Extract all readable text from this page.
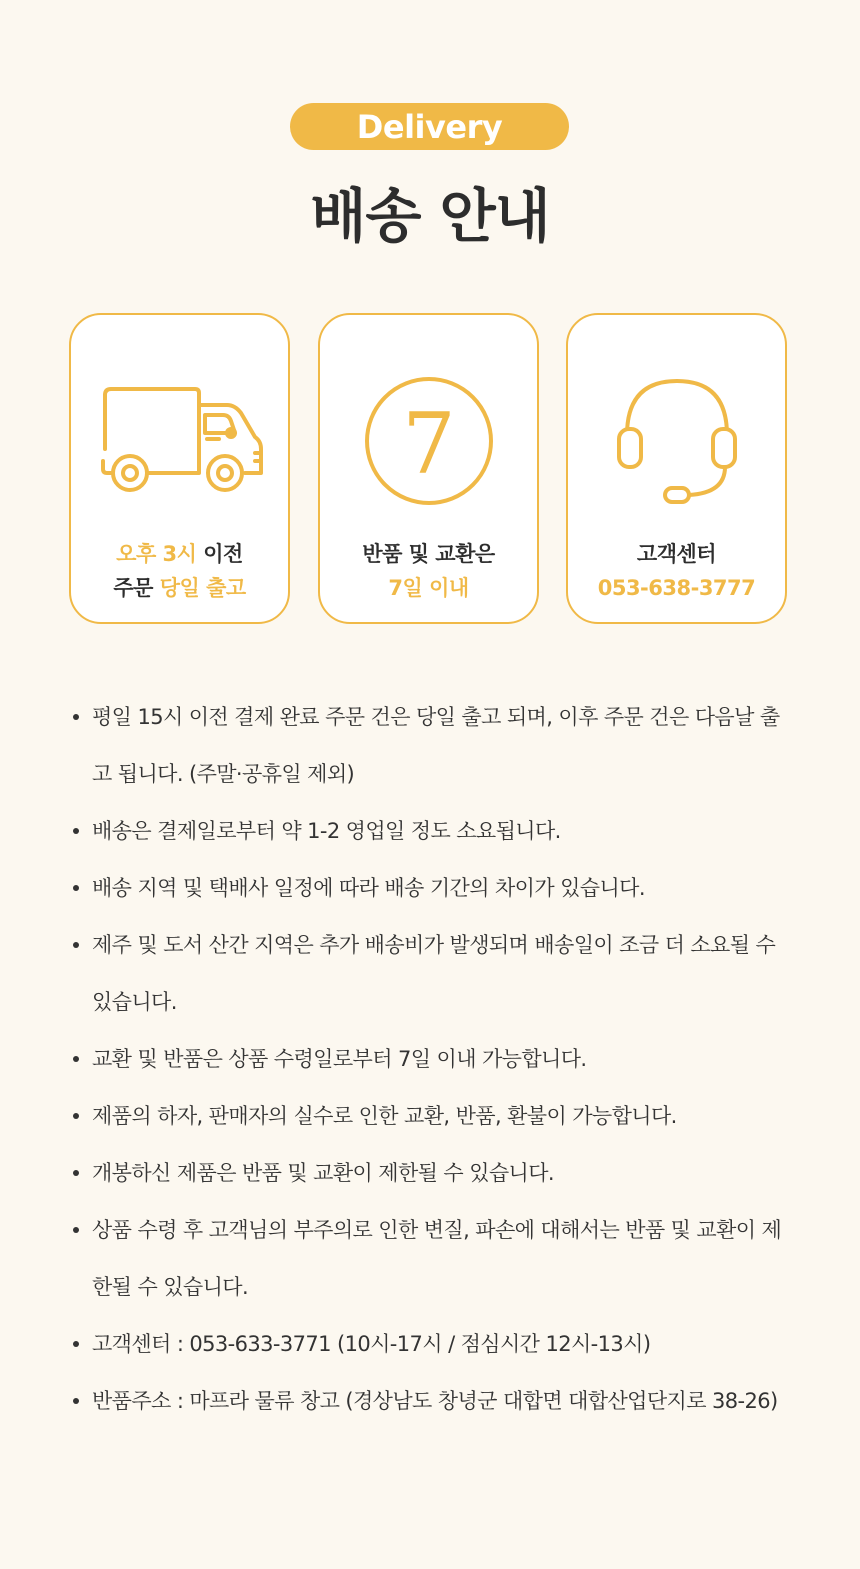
Delivery
배송 안내
오후 3시 이전
주문 당일 출고
7
반품 및 교환은
7일 이내
고객센터
053-638-3777
평일 15시 이전 결제 완료 주문 건은 당일 출고 되며, 이후 주문 건은 다음날 출고 됩니다. (주말·공휴일 제외)
배송은 결제일로부터 약 1-2 영업일 정도 소요됩니다.
배송 지역 및 택배사 일정에 따라 배송 기간의 차이가 있습니다.
제주 및 도서 산간 지역은 추가 배송비가 발생되며 배송일이 조금 더 소요될 수 있습니다.
교환 및 반품은 상품 수령일로부터 7일 이내 가능합니다.
제품의 하자, 판매자의 실수로 인한 교환, 반품, 환불이 가능합니다.
개봉하신 제품은 반품 및 교환이 제한될 수 있습니다.
상품 수령 후 고객님의 부주의로 인한 변질, 파손에 대해서는 반품 및 교환이 제한될 수 있습니다.
고객센터 : 053-633-3771 (10시-17시 / 점심시간 12시-13시)
반품주소 : 마프라 물류 창고 (경상남도 창녕군 대합면 대합산업단지로 38-26)
